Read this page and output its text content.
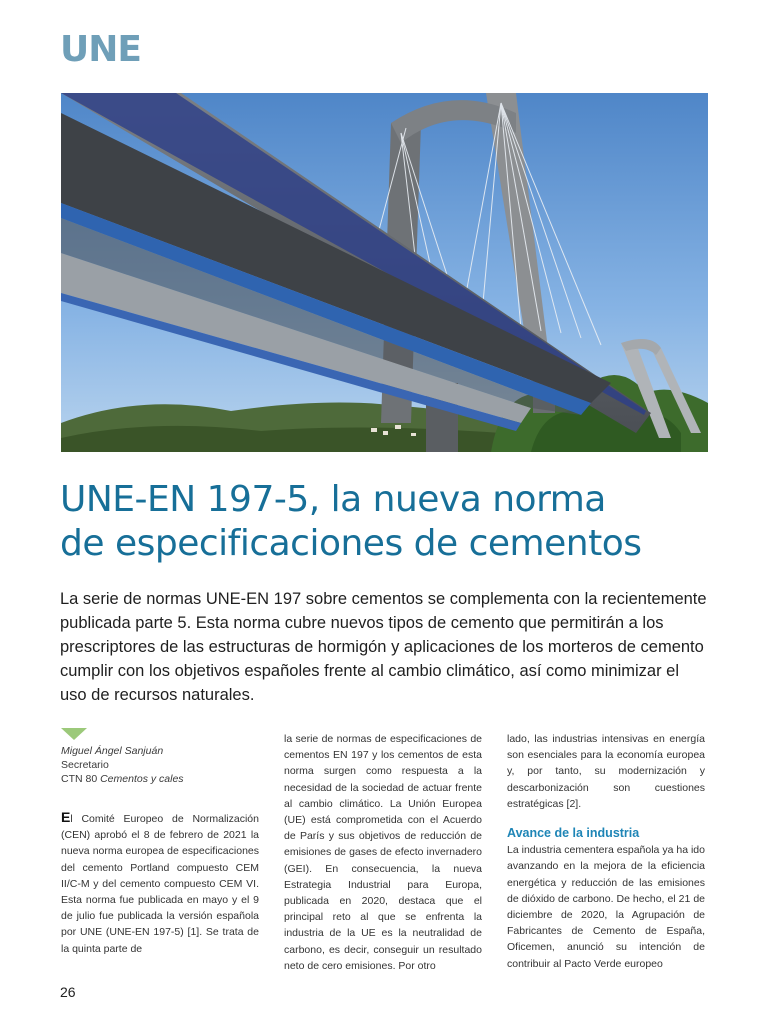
UNE
UNE-EN 197-5, la nueva norma
de especificaciones de cementos

La serie de normas UNE-EN 197 sobre cementos se complementa con la recientemente publicada parte 5. Esta norma cubre nuevos tipos de cemento que permitirán a los prescriptores de las estructuras de hormigón y aplicaciones de los morteros de cemento cumplir con los objetivos españoles frente al cambio climático, así como minimizar el uso de recursos naturales.

Miguel Ángel Sanjuán
Secretario
CTN 80 Cementos y cales

El Comité Europeo de Normalización (CEN) aprobó el 8 de febrero de 2021 la nueva norma europea de especificaciones del cemento Portland compuesto CEM II/C-M y del cemento compuesto CEM VI. Esta norma fue publicada en mayo y el 9 de julio fue publicada la versión española por UNE (UNE-EN 197-5) [1]. Se trata de la quinta parte de

la serie de normas de especificaciones de cementos EN 197 y los cementos de esta norma surgen como respuesta a la necesidad de la sociedad de actuar frente al cambio climático. La Unión Europea (UE) está comprometida con el Acuerdo de París y sus objetivos de reducción de emisiones de gases de efecto invernadero (GEI). En consecuencia, la nueva Estrategia Industrial para Europa, publicada en 2020, destaca que el principal reto al que se enfrenta la industria de la UE es la neutralidad de carbono, es decir, conseguir un resultado neto de cero emisiones. Por otro

lado, las industrias intensivas en energía son esenciales para la economía europea y, por tanto, su modernización y descarbonización son cuestiones estratégicas [2].

Avance de la industria

La industria cementera española ya ha ido avanzando en la mejora de la eficiencia energética y reducción de las emisiones de dióxido de carbono. De hecho, el 21 de diciembre de 2020, la Agrupación de Fabricantes de Cemento de España, Oficemen, anunció su intención de contribuir al Pacto Verde europeo

26
